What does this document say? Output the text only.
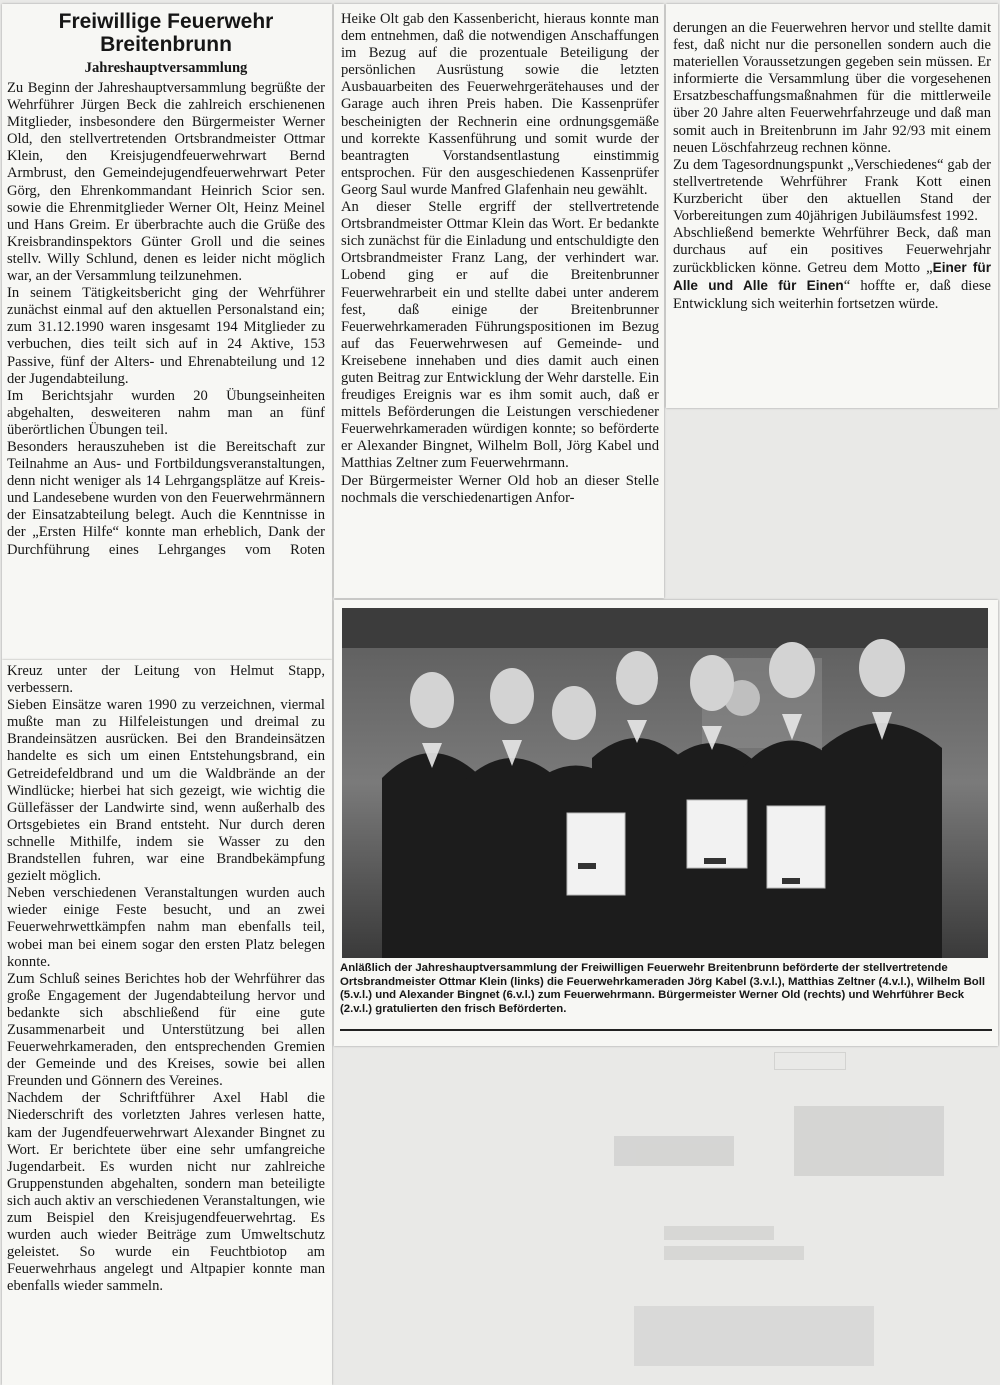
Freiwillige Feuerwehr Breitenbrunn
Jahreshauptversammlung

Zu Beginn der Jahreshauptversammlung begrüßte der Wehrführer Jürgen Beck die zahlreich erschienenen Mitglieder, insbesondere den Bürgermeister Werner Old, den stellvertretenden Ortsbrandmeister Ottmar Klein, den Kreisjugendfeuerwehrwart Bernd Armbrust, den Gemeindejugendfeuerwehrwart Peter Görg, den Ehrenkommandant Heinrich Scior sen. sowie die Ehrenmitglieder Werner Olt, Heinz Meinel und Hans Greim. Er überbrachte auch die Grüße des Kreisbrandinspektors Günter Groll und die seines stellv. Willy Schlund, denen es leider nicht möglich war, an der Versammlung teilzunehmen.

In seinem Tätigkeitsbericht ging der Wehrführer zunächst einmal auf den aktuellen Personalstand ein; zum 31.12.1990 waren insgesamt 194 Mitglieder zu verbuchen, dies teilt sich auf in 24 Aktive, 153 Passive, fünf der Alters- und Ehrenabteilung und 12 der Jugendabteilung.

Im Berichtsjahr wurden 20 Übungseinheiten abgehalten, desweiteren nahm man an fünf überörtlichen Übungen teil.

Besonders herauszuheben ist die Bereitschaft zur Teilnahme an Aus- und Fortbildungsveranstaltungen, denn nicht weniger als 14 Lehrgangsplätze auf Kreis- und Landesebene wurden von den Feuerwehrmännern der Einsatzabteilung belegt. Auch die Kenntnisse in der „Ersten Hilfe“ konnte man erheblich, Dank der Durchführung eines Lehrganges vom Roten

Kreuz unter der Leitung von Helmut Stapp, verbessern.

Sieben Einsätze waren 1990 zu verzeichnen, viermal mußte man zu Hilfeleistungen und dreimal zu Brandeinsätzen ausrücken. Bei den Brandeinsätzen handelte es sich um einen Entstehungsbrand, ein Getreidefeldbrand und um die Waldbrände an der Windlücke; hierbei hat sich gezeigt, wie wichtig die Güllefässer der Landwirte sind, wenn außerhalb des Ortsgebietes ein Brand entsteht. Nur durch deren schnelle Mithilfe, indem sie Wasser zu den Brandstellen fuhren, war eine Brandbekämpfung gezielt möglich.

Neben verschiedenen Veranstaltungen wurden auch wieder einige Feste besucht, und an zwei Feuerwehrwettkämpfen nahm man ebenfalls teil, wobei man bei einem sogar den ersten Platz belegen konnte.

Zum Schluß seines Berichtes hob der Wehrführer das große Engagement der Jugendabteilung hervor und bedankte sich abschließend für eine gute Zusammenarbeit und Unterstützung bei allen Feuerwehrkameraden, den entsprechenden Gremien der Gemeinde und des Kreises, sowie bei allen Freunden und Gönnern des Vereines.

Nachdem der Schriftführer Axel Habl die Niederschrift des vorletzten Jahres verlesen hatte, kam der Jugendfeuerwehrwart Alexander Bingnet zu Wort. Er berichtete über eine sehr umfangreiche Jugendarbeit. Es wurden nicht nur zahlreiche Gruppenstunden abgehalten, sondern man beteiligte sich auch aktiv an verschiedenen Veranstaltungen, wie zum Beispiel den Kreisjugendfeuerwehrtag. Es wurden auch wieder Beiträge zum Umweltschutz geleistet. So wurde ein Feuchtbiotop am Feuerwehrhaus angelegt und Altpapier konnte man ebenfalls wieder sammeln.

Heike Olt gab den Kassenbericht, hieraus konnte man dem entnehmen, daß die notwendigen Anschaffungen im Bezug auf die prozentuale Beteiligung der persönlichen Ausrüstung sowie die letzten Ausbauarbeiten des Feuerwehrgerätehauses und der Garage auch ihren Preis haben. Die Kassenprüfer bescheinigten der Rechnerin eine ordnungsgemäße und korrekte Kassenführung und somit wurde der beantragten Vorstandsentlastung einstimmig entsprochen. Für den ausgeschiedenen Kassenprüfer Georg Saul wurde Manfred Glafenhain neu gewählt.

An dieser Stelle ergriff der stellvertretende Ortsbrandmeister Ottmar Klein das Wort. Er bedankte sich zunächst für die Einladung und entschuldigte den Ortsbrandmeister Franz Lang, der verhindert war. Lobend ging er auf die Breitenbrunner Feuerwehrarbeit ein und stellte dabei unter anderem fest, daß einige der Breitenbrunner Feuerwehrkameraden Führungspositionen im Bezug auf das Feuerwehrwesen auf Gemeinde- und Kreisebene innehaben und dies damit auch einen guten Beitrag zur Entwicklung der Wehr darstelle. Ein freudiges Ereignis war es ihm somit auch, daß er mittels Beförderungen die Leistungen verschiedener Feuerwehrkameraden würdigen konnte; so beförderte er Alexander Bingnet, Wilhelm Boll, Jörg Kabel und Matthias Zeltner zum Feuerwehrmann.

Der Bürgermeister Werner Old hob an dieser Stelle nochmals die verschiedenartigen Anfor-

derungen an die Feuerwehren hervor und stellte damit fest, daß nicht nur die personellen sondern auch die materiellen Voraussetzungen gegeben sein müssen. Er informierte die Versammlung über die vorgesehenen Ersatzbeschaffungsmaßnahmen für die mittlerweile über 20 Jahre alten Feuerwehrfahrzeuge und daß man somit auch in Breitenbrunn im Jahr 92/93 mit einem neuen Löschfahrzeug rechnen könne.

Zu dem Tagesordnungspunkt „Verschiedenes“ gab der stellvertretende Wehrführer Frank Kott einen Kurzbericht über den aktuellen Stand der Vorbereitungen zum 40jährigen Jubiläumsfest 1992.

Abschließend bemerkte Wehrführer Beck, daß man durchaus auf ein positives Feuerwehrjahr zurückblicken könne. Getreu dem Motto „Einer für Alle und Alle für Einen“ hoffte er, daß diese Entwicklung sich weiterhin fortsetzen würde.

Anläßlich der Jahreshauptversammlung der Freiwilligen Feuerwehr Breitenbrunn beförderte der stellvertretende Ortsbrandmeister Ottmar Klein (links) die Feuerwehrkameraden Jörg Kabel (3.v.l.), Matthias Zeltner (4.v.l.), Wilhelm Boll (5.v.l.) und Alexander Bingnet (6.v.l.) zum Feuerwehrmann. Bürgermeister Werner Old (rechts) und Wehrführer Beck (2.v.l.) gratulierten den frisch Beförderten.
